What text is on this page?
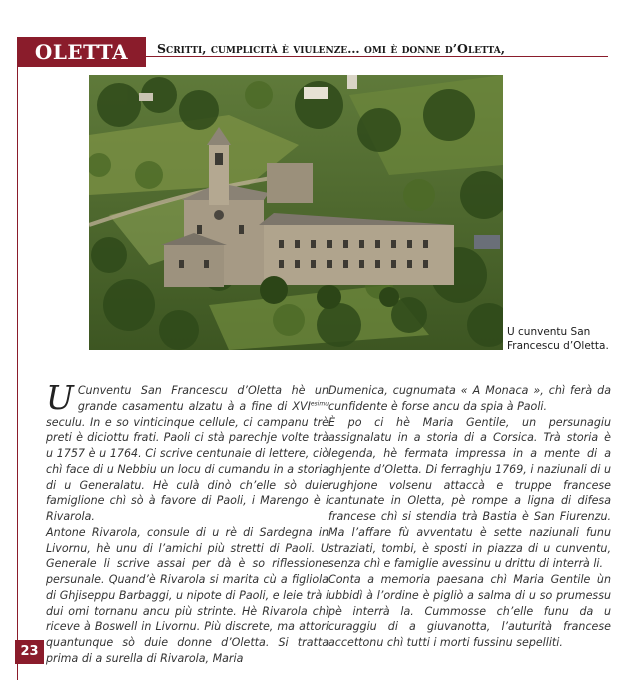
OLETTA	Scritti, cumplicità è viulenze… omi è donne d’Oletta,
U cunventu San Francescu d’Oletta.

U Cunventu San Francescu d’Oletta hè un grande casamentu alzatu à a fine di $XVI^{esimu}$ seculu. In e so vinticinque cellule, ci campanu trè preti è diciottu frati. Paoli ci stà parechje volte trà u 1757 è u 1764. Ci scrive centunaie di lettere, ciò chì face di u Nebbiu un locu di cumandu in a storia di u Generalatu. Hè culà dinò ch’elle sò duie famiglione chì sò à favore di Paoli, i Marengo è i Rivarola.

Antone Rivarola, consule di u rè di Sardegna in Livornu, hè unu di l’amichi più stretti di Paoli. U Generale li scrive assai per dà è so riflessione persunale. Quand’è Rivarola si marita cù a figliola di Ghjiseppu Barbaggi, u nipote di Paoli, e leie trà i dui omi tornanu ancu più strinte. Hè Rivarola chì riceve à Boswell in Livornu. Più discrete, ma attori quantunque sò duie donne d’Oletta. Si tratta prima di a surella di Rivarola, Maria

Dumenica, cugnumata « A Monaca », chì ferà da cunfidente è forse ancu da spia à Paoli.

È po ci hè Maria Gentile, un persunagiu assignalatu in a storia di a Corsica. Trà storia è legenda, hè fermata impressa in a mente di a ghjente d’Oletta. Di ferraghju 1769, i naziunali di u rughjone volsenu attaccà e truppe francese cantunate in Oletta, pè rompe a ligna di difesa francese chì si stendia trà Bastia è San Fiurenzu. Ma l’affare fù avventatu è sette naziunali funu straziati, tombi, è sposti in piazza di u cunventu, senza chì e famiglie avessinu u drittu di interrà li.

Conta a memoria paesana chì Maria Gentile ùn ubbidì à l’ordine è pigliò a salma di u so prumessu pè interrà la. Cummosse ch’elle funu da u curaggiu di a giuvanotta, l’auturità francese accettonu chì tutti i morti fussinu sepelliti.

23
